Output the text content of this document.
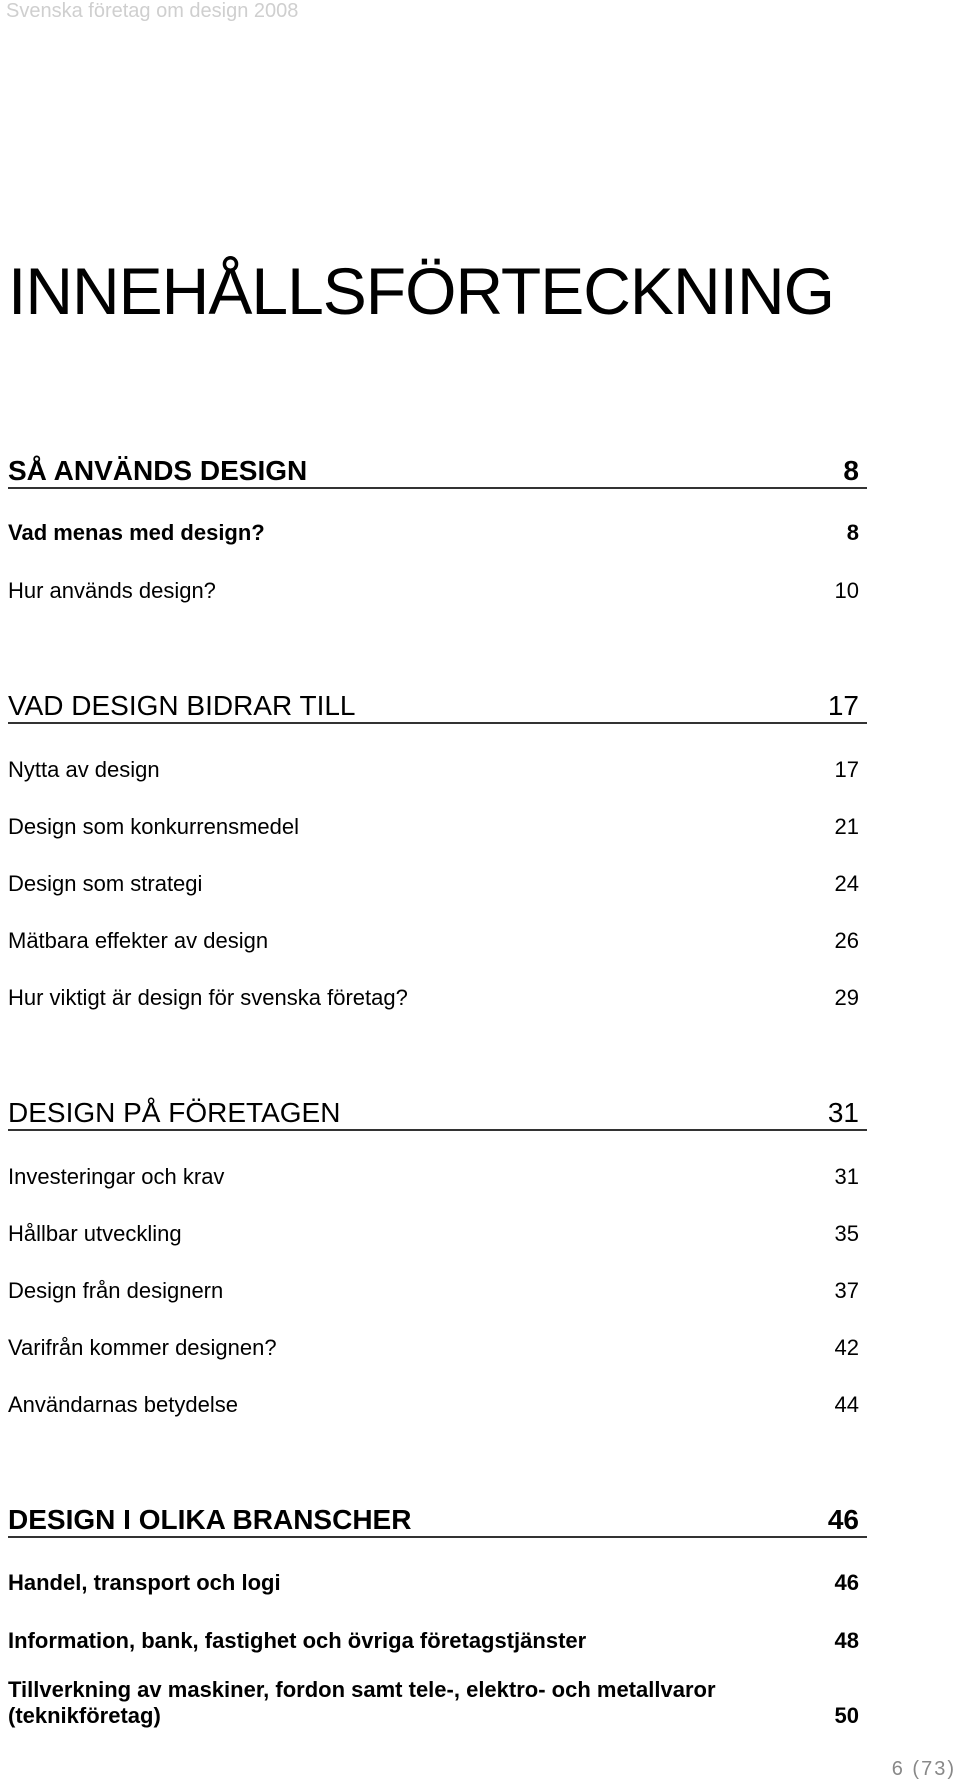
Svenska företag om design 2008
INNEHÅLLSFÖRTECKNING
SÅ ANVÄNDS DESIGN	8
Vad menas med design?	8
Hur används design?	10
VAD DESIGN BIDRAR TILL	17
Nytta av design	17
Design som konkurrensmedel	21
Design som strategi	24
Mätbara effekter av design	26
Hur viktigt är design för svenska företag?	29
DESIGN PÅ FÖRETAGEN	31
Investeringar och krav	31
Hållbar utveckling	35
Design från designern	37
Varifrån kommer designen?	42
Användarnas betydelse	44
DESIGN I OLIKA BRANSCHER	46
Handel, transport och logi	46
Information, bank, fastighet och övriga företagstjänster	48
Tillverkning av maskiner, fordon samt tele-, elektro- och metallvaror (teknikföretag)	50
6 (73)
